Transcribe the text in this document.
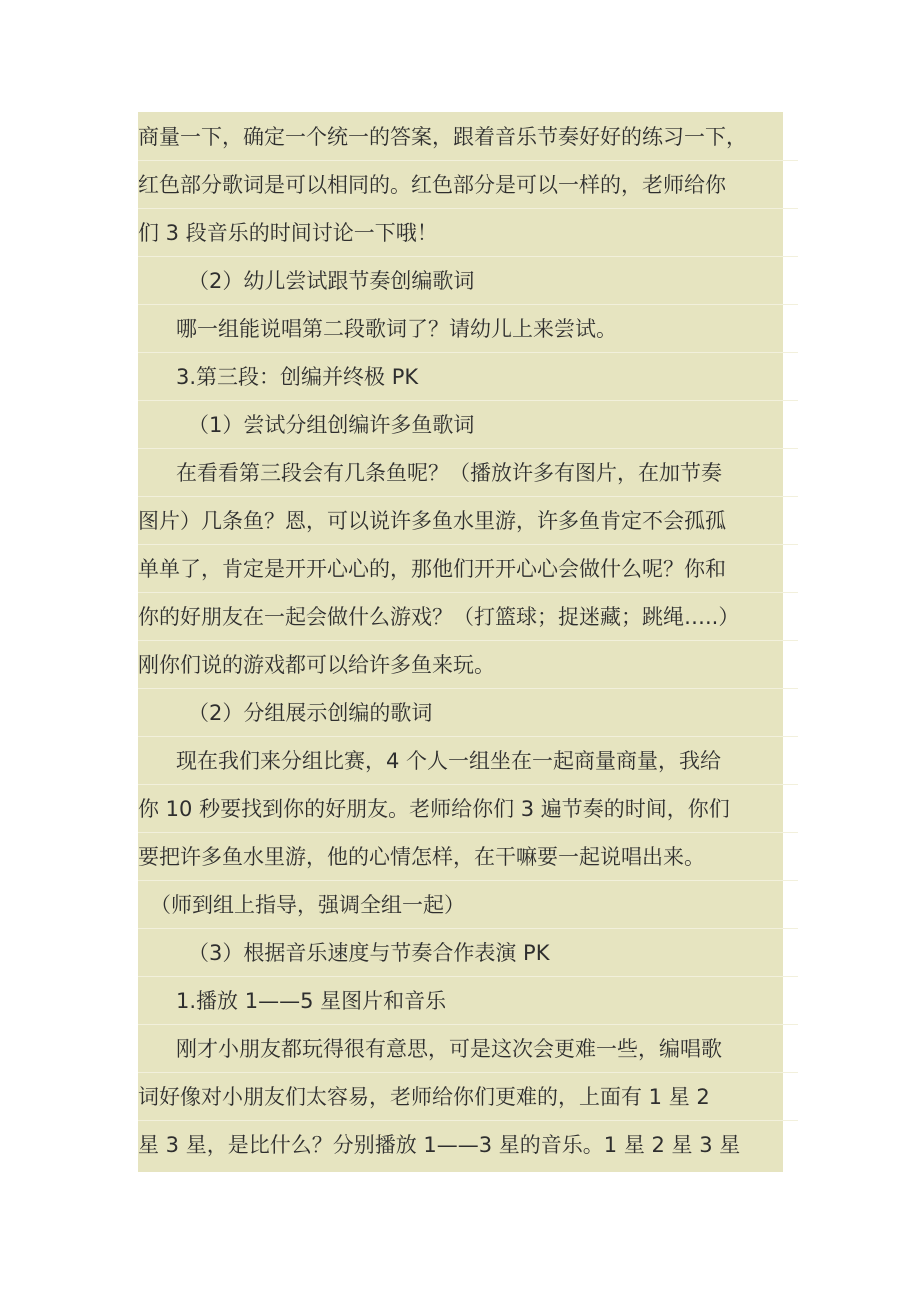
商量一下，确定一个统一的答案，跟着音乐节奏好好的练习一下，
红色部分歌词是可以相同的。红色部分是可以一样的，老师给你
们 3 段音乐的时间讨论一下哦！
（2）幼儿尝试跟节奏创编歌词
哪一组能说唱第二段歌词了？请幼儿上来尝试。
3.第三段：创编并终极 PK
（1）尝试分组创编许多鱼歌词
在看看第三段会有几条鱼呢？（播放许多有图片，在加节奏
图片）几条鱼？恩，可以说许多鱼水里游，许多鱼肯定不会孤孤
单单了，肯定是开开心心的，那他们开开心心会做什么呢？你和
你的好朋友在一起会做什么游戏？（打篮球；捉迷藏；跳绳…..）
刚你们说的游戏都可以给许多鱼来玩。
（2）分组展示创编的歌词
现在我们来分组比赛，4 个人一组坐在一起商量商量，我给
你 10 秒要找到你的好朋友。老师给你们 3 遍节奏的时间，你们
要把许多鱼水里游，他的心情怎样，在干嘛要一起说唱出来。
（师到组上指导，强调全组一起）
（3）根据音乐速度与节奏合作表演 PK
1.播放 1——5 星图片和音乐
刚才小朋友都玩得很有意思，可是这次会更难一些，编唱歌
词好像对小朋友们太容易，老师给你们更难的，上面有 1 星 2
星 3 星，是比什么？分别播放 1——3 星的音乐。1 星 2 星 3 星
